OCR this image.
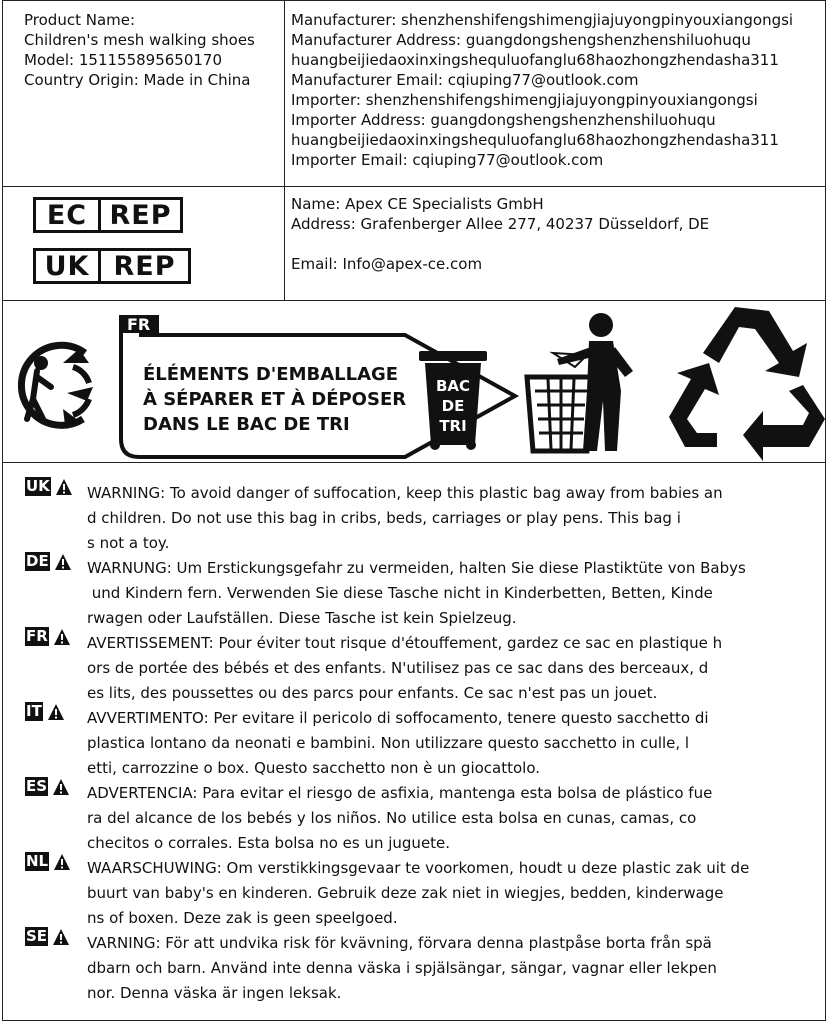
Product Name:
Children's mesh walking shoes
Model: 151155895650170
Country Origin: Made in China
Manufacturer: shenzhenshifengshimengjiajuyongpinyouxiangongsi
Manufacturer Address: guangdongshengshenzhenshiluohuqu
huangbeijiedaoxinxingshequluofanglu68haozhongzhendasha311
Manufacturer Email: cqiuping77@outlook.com
Importer: shenzhenshifengshimengjiajuyongpinyouxiangongsi
Importer Address: guangdongshengshenzhenshiluohuqu
huangbeijiedaoxinxingshequluofanglu68haozhongzhendasha311
Importer Email: cqiuping77@outlook.com
EC REP
UK REP
Name: Apex CE Specialists GmbH
Address: Grafenberger Allee 277, 40237 Düsseldorf, DE
Email: Info@apex-ce.com
FR
ÉLÉMENTS D'EMBALLAGE
À SÉPARER ET À DÉPOSER
DANS LE BAC DE TRI
BAC
DE
TRI
UK WARNING: To avoid danger of suffocation, keep this plastic bag away from babies an
d children. Do not use this bag in cribs, beds, carriages or play pens. This bag i
s not a toy.
DE	WARNUNG: Um Erstickungsgefahr zu vermeiden, halten Sie diese Plastiktüte von Babys
und Kindern fern. Verwenden Sie diese Tasche nicht in Kinderbetten, Betten, Kinde
rwagen oder Laufställen. Diese Tasche ist kein Spielzeug.
FR	AVERTISSEMENT: Pour éviter tout risque d'étouffement, gardez ce sac en plastique h
ors de portée des bébés et des enfants. N'utilisez pas ce sac dans des berceaux, d
es lits, des poussettes ou des parcs pour enfants. Ce sac n'est pas un jouet.
IT	AVVERTIMENTO: Per evitare il pericolo di soffocamento, tenere questo sacchetto di
plastica lontano da neonati e bambini. Non utilizzare questo sacchetto in culle, l
etti, carrozzine o box. Questo sacchetto non è un giocattolo.
ES	ADVERTENCIA: Para evitar el riesgo de asfixia, mantenga esta bolsa de plástico fue
ra del alcance de los bebés y los niños. No utilice esta bolsa en cunas, camas, co
checitos o corrales. Esta bolsa no es un juguete.
NL	WAARSCHUWING: Om verstikkingsgevaar te voorkomen, houdt u deze plastic zak uit de
buurt van baby's en kinderen. Gebruik deze zak niet in wiegjes, bedden, kinderwage
ns of boxen. Deze zak is geen speelgoed.
SE	VARNING: För att undvika risk för kvävning, förvara denna plastpåse borta från spä
dbarn och barn. Använd inte denna väska i spjälsängar, sängar, vagnar eller lekpen
nor. Denna väska är ingen leksak.
